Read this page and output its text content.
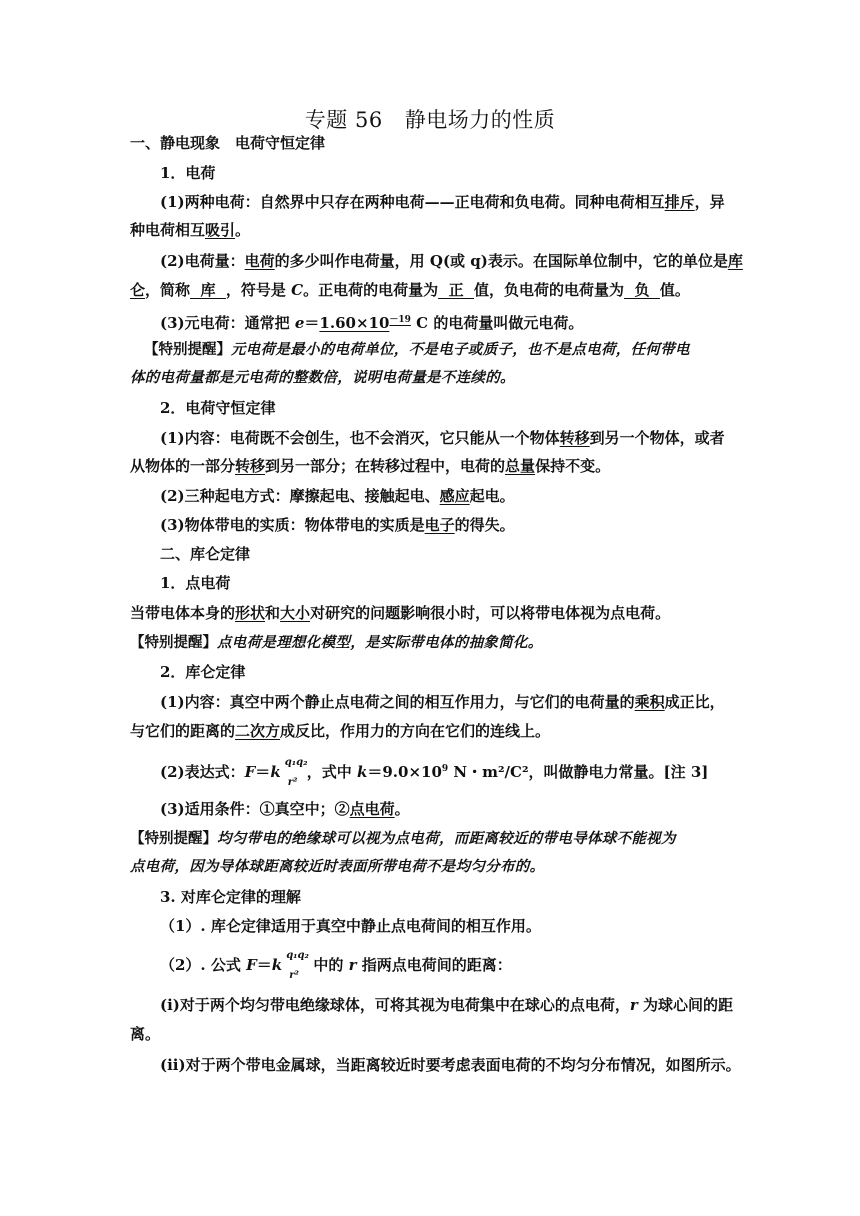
专题 56 静电场力的性质
一、静电现象　电荷守恒定律
1．电荷
(1)两种电荷：自然界中只存在两种电荷——正电荷和负电荷。同种电荷相互排斥，异
种电荷相互吸引。
(2)电荷量：电荷的多少叫作电荷量，用 Q(或 q)表示。在国际单位制中，它的单位是库
仑，简称  库  ，符号是 C。正电荷的电荷量为  正  值，负电荷的电荷量为  负  值。
(3)元电荷：通常把 $e=1.60\times 10^{-19}$ C 的电荷量叫做元电荷。
【特别提醒】元电荷是最小的电荷单位，不是电子或质子，也不是点电荷，任何带电
体的电荷量都是元电荷的整数倍，说明电荷量是不连续的。
2．电荷守恒定律
(1)内容：电荷既不会创生，也不会消灭，它只能从一个物体转移到另一个物体，或者
从物体的一部分转移到另一部分；在转移过程中，电荷的总量保持不变。
(2)三种起电方式：摩擦起电、接触起电、感应起电。
(3)物体带电的实质：物体带电的实质是电子的得失。
二、库仑定律
1．点电荷
当带电体本身的形状和大小对研究的问题影响很小时，可以将带电体视为点电荷。
【特别提醒】点电荷是理想化模型，是实际带电体的抽象简化。
2．库仑定律
(1)内容：真空中两个静止点电荷之间的相互作用力，与它们的电荷量的乘积成正比，
与它们的距离的二次方成反比，作用力的方向在它们的连线上。
(2)表达式：F＝k
q₁q₂
r²
，式中 $k=9.0\times 10^9$ N・m²/C²，叫做静电力常量。[注 3]
(3)适用条件：①真空中；②点电荷。
【特别提醒】均匀带电的绝缘球可以视为点电荷，而距离较近的带电导体球不能视为
点电荷，因为导体球距离较近时表面所带电荷不是均匀分布的。
3. 对库仑定律的理解
（1）. 库仑定律适用于真空中静止点电荷间的相互作用。
（2）. 公式 F＝k
q₁q₂
r²
中的 r 指两点电荷间的距离：
(i)对于两个均匀带电绝缘球体，可将其视为电荷集中在球心的点电荷，r 为球心间的距
离。
(ii)对于两个带电金属球，当距离较近时要考虑表面电荷的不均匀分布情况，如图所示。
